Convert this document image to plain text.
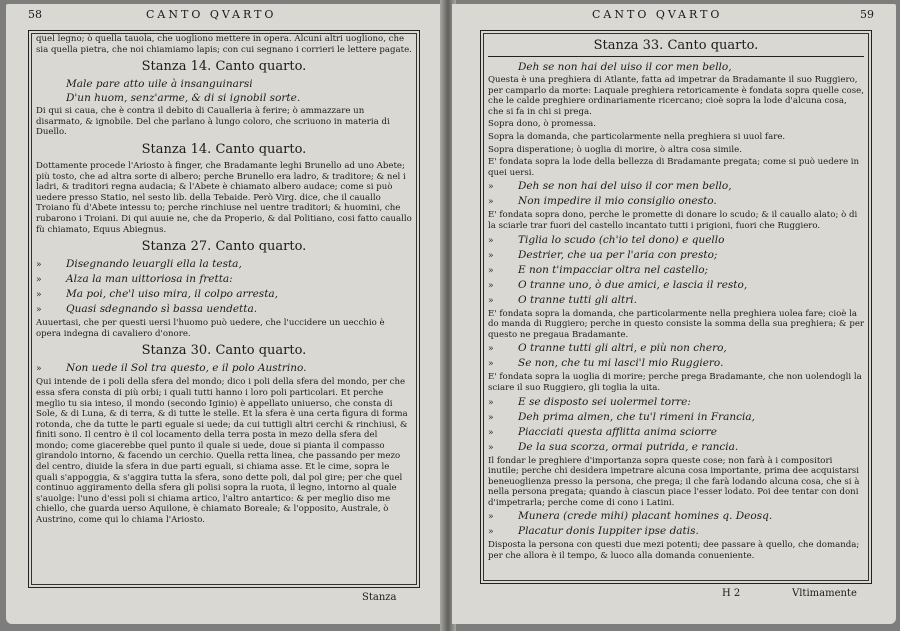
58	CANTO QVARTO

quel legno; ò quella tauola, che uogliono mettere in opera. Alcuni altri uogliono, che sia quella pietra, che noi chiamiamo lapis; con cui segnano i corrieri le lettere pagate.

Stanza 14. Canto quarto.
Male pare atto uile à insanguinarsi
D'un huom, senz'arme, & di si ignobil sorte.

Di qui si caua, che è contra il debito di Caualleria à ferire; ò ammazzare un disarmato, & ignobile. Del che parlano à lungo coloro, che scriuono in materia di Duello.

Stanza 14. Canto quarto.

Dottamente procede l'Ariosto à finger, che Bradamante leghi Brunello ad uno Abete; più tosto, che ad altra sorte di albero; perche Brunello era ladro, & traditore; & nel i ladri, & traditori regna audacia; & l'Abete è chiamato albero audace; come si può uedere presso Statio, nel sesto lib. della Tebaide. Però Virg. dice, che il cauallo Troiano fù d'Abete intessu to; perche rinchiuse nel uentre traditori; & huomini, che rubarono i Troiani. Di qui auuie ne, che da Properio, & dal Politiano, cosi fatto cauallo fù chiamato, Equus Abiegnus.

Stanza 27. Canto quarto.
» Disegnando leuargli ella la testa,
» Alza la man uittoriosa in fretta:
» Ma poi, che'l uiso mira, il colpo arresta,
» Quasi sdegnando sì bassa uendetta.

Auuertasi, che per questi uersi l'huomo può uedere, che l'uccidere un uecchio è opera indegna di cavaliero d'onore.

Stanza 30. Canto quarto.
» Non uede il Sol tra questo, e il polo Austrino.

Qui intende de i poli della sfera del mondo; dico i poli della sfera del mondo, per che essa sfera consta di più orbi; i quali tutti hanno i loro poli particolari. Et perche meglio tu sia inteso, il mondo (secondo Iginio) è appellato uniuerso, che consta di Sole, & di Luna, & di terra, & di tutte le stelle. Et la sfera è una certa figura di forma rotonda, che da tutte le parti eguale si uede; da cui tuttigli altri cerchi & rinchiusi, & finiti sono. Il centro è il col locamento della terra posta in mezo della sfera del mondo; come giacerebbe quel punto il quale si uede, doue si pianta il compasso girandolo intorno, & facendo un cerchio. Quella retta linea, che passando per mezo del centro, diuide la sfera in due parti eguali, si chiama asse. Et le cime, sopra le quali s'appoggia, & s'aggira tutta la sfera, sono dette poli, dal pol gire; per che quel continuo aggiramento della sfera gli polisi sopra la ruota, il legno, intorno al quale s'auolge: l'uno d'essi poli si chiama artico, l'altro antartico: & per meglio diso me chiello, che guarda uerso Aquilone, è chiamato Boreale; & l'opposito, Australe, ò Austrino, come qui lo chiama l'Ariosto.

Stanza
CANTO QVARTO	59
Stanza 33. Canto quarto.
Deh se non hai del uiso il cor men bello,

Questa è una preghiera di Atlante, fatta ad impetrar da Bradamante il suo Ruggiero, per camparlo da morte: Laquale preghiera retoricamente è fondata sopra quelle cose, che le calde preghiere ordinariamente ricercano; cioè sopra la lode d'alcuna cosa, che si fa in chi si prega.

Sopra dono, ò promessa.

Sopra la domanda, che particolarmente nella preghiera si uuol fare.

Sopra disperatione; ò uoglia di morire, ò altra cosa simile.

E' fondata sopra la lode della bellezza di Bradamante pregata; come si può uedere in quei uersi.

» Deh se non hai del uiso il cor men bello,
» Non impedire il mio consiglio onesto.

E' fondata sopra dono, perche le promette di donare lo scudo; & il cauallo alato; ò di la sciarle trar fuori del castello incantato tutti i prigioni, fuori che Ruggiero.

» Tiglia lo scudo (ch'io tel dono) e quello
» Destrier, che ua per l'aria con presto;
» E non t'impacciar oltra nel castello;
» O tranne uno, ò due amici, e lascia il resto,
» O tranne tutti gli altri.

E' fondata sopra la domanda, che particolarmente nella preghiera uolea fare; cioè la do manda di Ruggiero; perche in questo consiste la somma della sua preghiera; & per questo ne pregaua Bradamante.

» O tranne tutti gli altri, e più non chero,
» Se non, che tu mi lasci'l mio Ruggiero.

E' fondata sopra la uoglia di morire; perche prega Bradamante, che non uolendogli la sciare il suo Ruggiero, gli toglia la uita.

» E se disposto sei uolermel torre:
» Deh prima almen, che tu'l rimeni in Francia,
» Piacciati questa afflitta anima sciorre
» De la sua scorza, ormai putrida, e rancia.

Il fondar le preghiere d'importanza sopra queste cose; non farà à i compositori inutile; perche chi desidera impetrare alcuna cosa importante, prima dee acquistarsi beneuoglienza presso la persona, che prega; il che farà lodando alcuna cosa, che si à nella persona pregata; quando à ciascun piace l'esser lodato. Poi dee tentar con doni d'impetrarla; perche come di cono i Latini.

» Munera (crede mihi) placant homines q. Deosq.
» Placatur donis Iuppiter ipse datis.

Disposta la persona con questi due mezi potenti; dee passare à quello, che domanda; per che allora è il tempo, & luoco alla domanda conueniente.

H 2	Vltimamente
